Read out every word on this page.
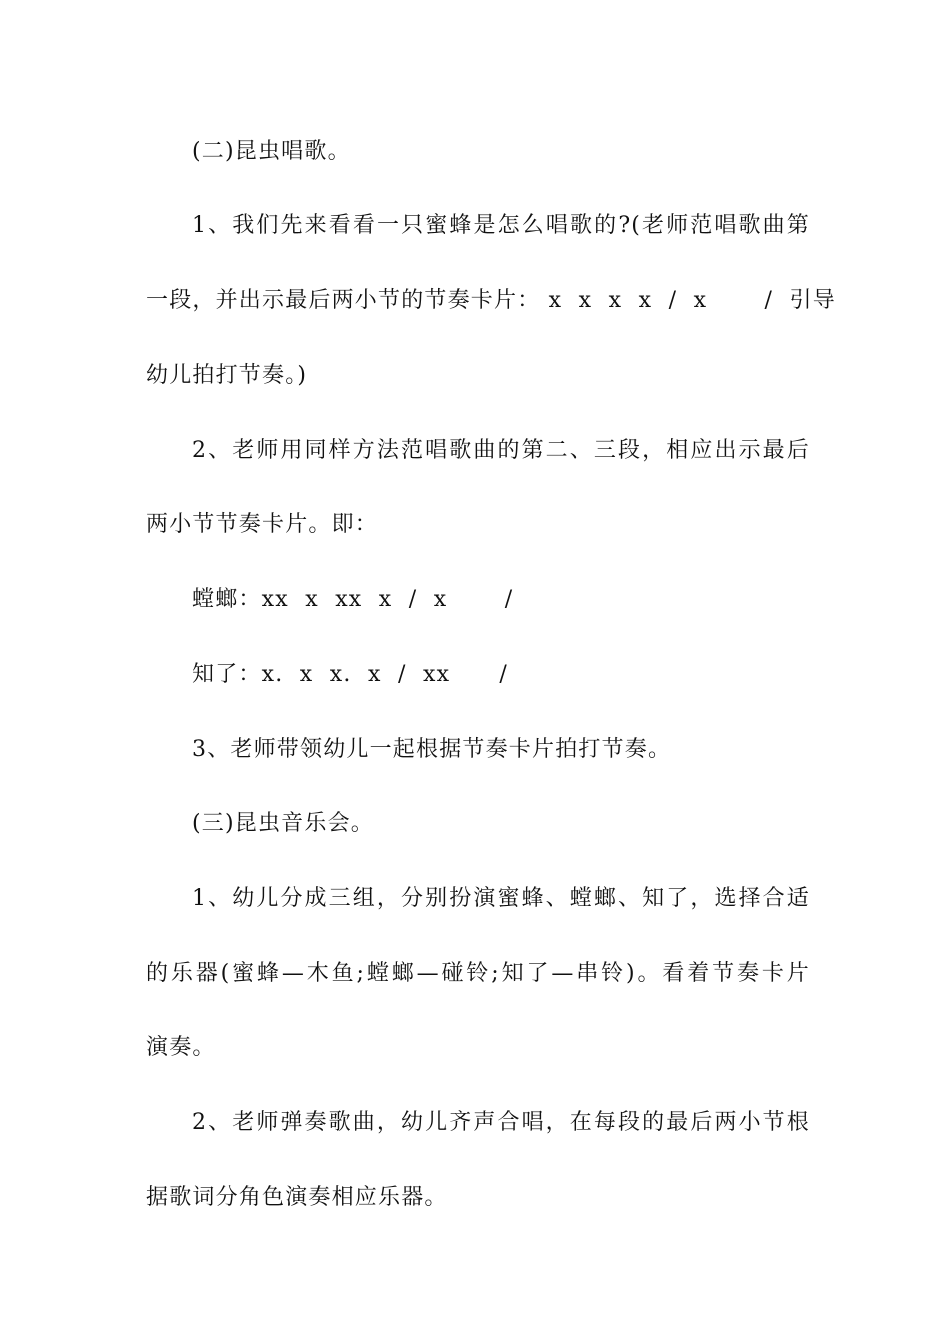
(二)昆虫唱歌。
1、我们先来看看一只蜜蜂是怎么唱歌的?(老师范唱歌曲第
一段，并出示最后两小节的节奏卡片： x  x  x  x  /  x       /  引导
幼儿拍打节奏。)
2、老师用同样方法范唱歌曲的第二、三段，相应出示最后
两小节节奏卡片。即：
螳螂：xx  x  xx  x  /  x       /
知了：x.  x  x.  x  /  xx      /
3、老师带领幼儿一起根据节奏卡片拍打节奏。
(三)昆虫音乐会。
1、幼儿分成三组，分别扮演蜜蜂、螳螂、知了，选择合适
的乐器(蜜蜂—木鱼;螳螂—碰铃;知了—串铃)。看着节奏卡片
演奏。
2、老师弹奏歌曲，幼儿齐声合唱，在每段的最后两小节根
据歌词分角色演奏相应乐器。
